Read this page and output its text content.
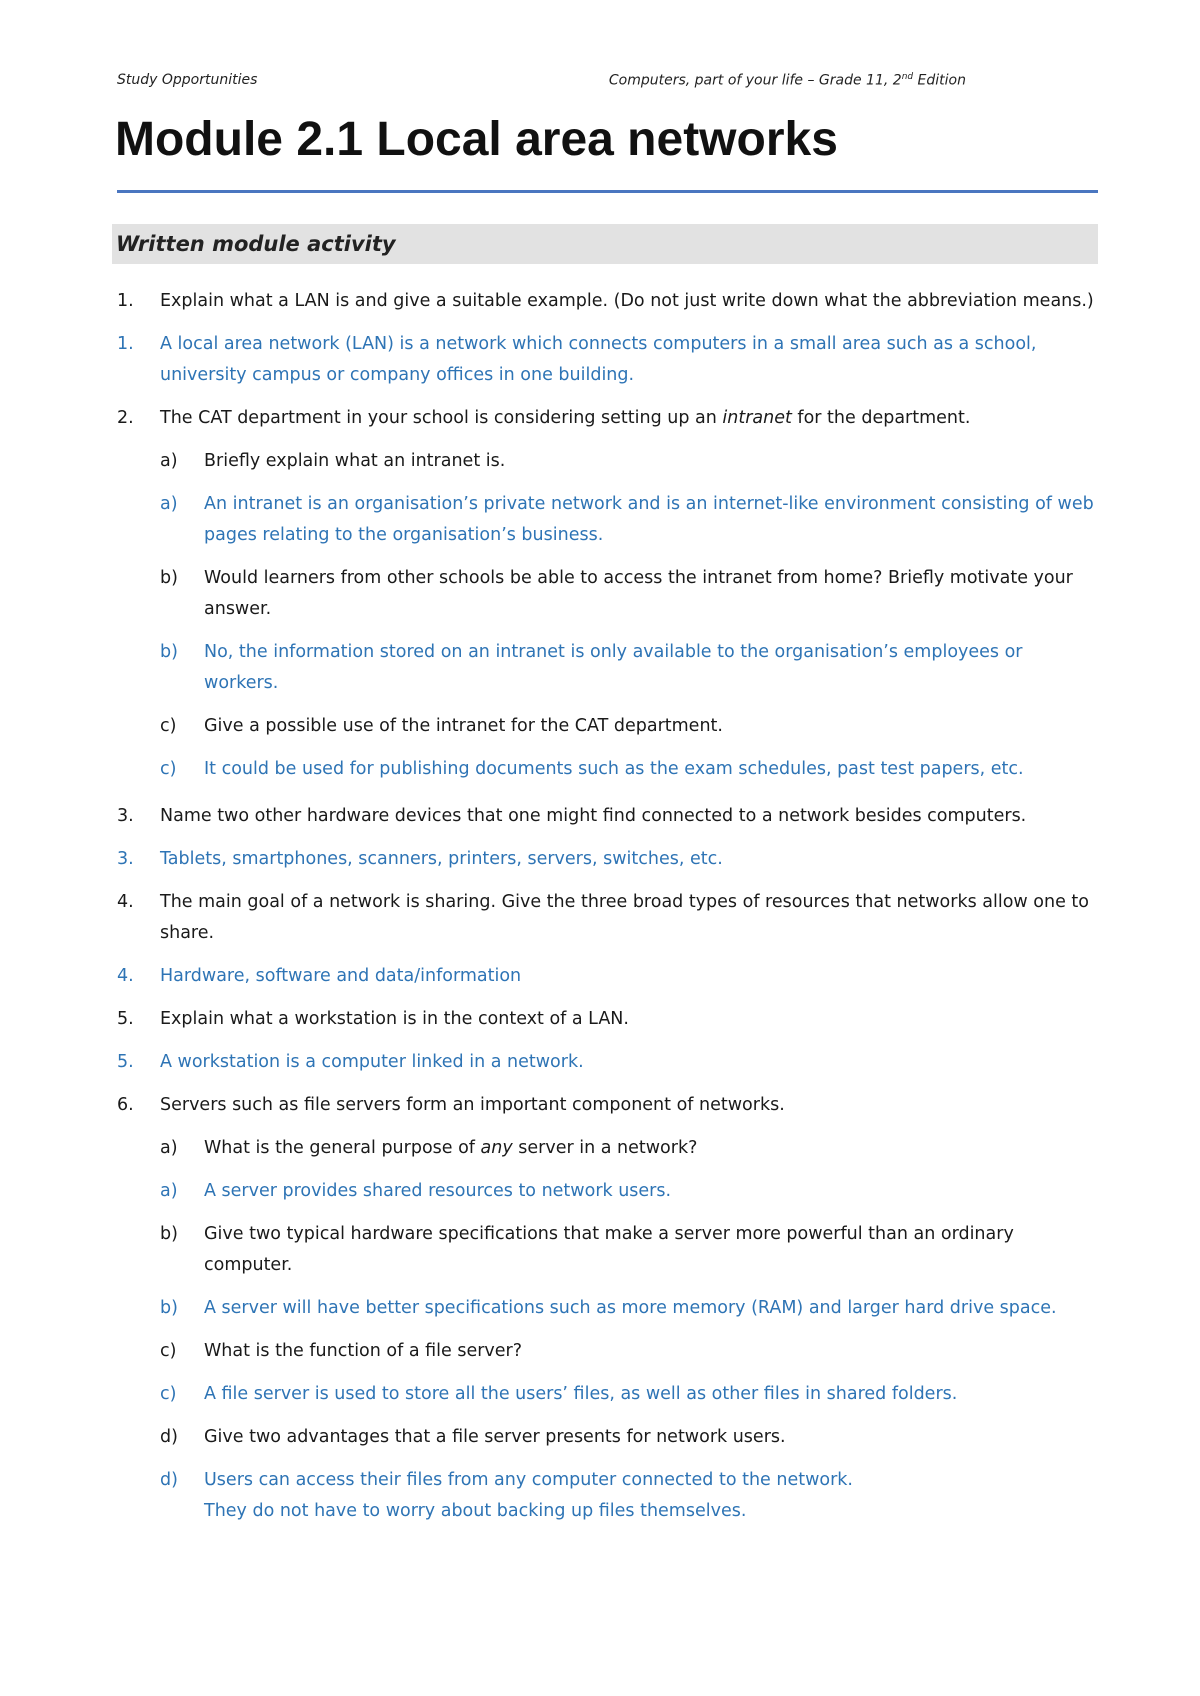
Study Opportunities	Computers, part of your life – Grade 11, 2nd Edition
Module 2.1 Local area networks
Written module activity
1. Explain what a LAN is and give a suitable example. (Do not just write down what the abbreviation means.)
1. A local area network (LAN) is a network which connects computers in a small area such as a school, university campus or company offices in one building.
2. The CAT department in your school is considering setting up an intranet for the department.
a) Briefly explain what an intranet is.
a) An intranet is an organisation’s private network and is an internet-like environment consisting of web pages relating to the organisation’s business.
b) Would learners from other schools be able to access the intranet from home? Briefly motivate your answer.
b) No, the information stored on an intranet is only available to the organisation’s employees or workers.
c) Give a possible use of the intranet for the CAT department.
c) It could be used for publishing documents such as the exam schedules, past test papers, etc.
3. Name two other hardware devices that one might find connected to a network besides computers.
3. Tablets, smartphones, scanners, printers, servers, switches, etc.
4. The main goal of a network is sharing. Give the three broad types of resources that networks allow one to share.
4. Hardware, software and data/information
5. Explain what a workstation is in the context of a LAN.
5. A workstation is a computer linked in a network.
6. Servers such as file servers form an important component of networks.
a) What is the general purpose of any server in a network?
a) A server provides shared resources to network users.
b) Give two typical hardware specifications that make a server more powerful than an ordinary computer.
b) A server will have better specifications such as more memory (RAM) and larger hard drive space.
c) What is the function of a file server?
c) A file server is used to store all the users’ files, as well as other files in shared folders.
d) Give two advantages that a file server presents for network users.
d) Users can access their files from any computer connected to the network.
They do not have to worry about backing up files themselves.
